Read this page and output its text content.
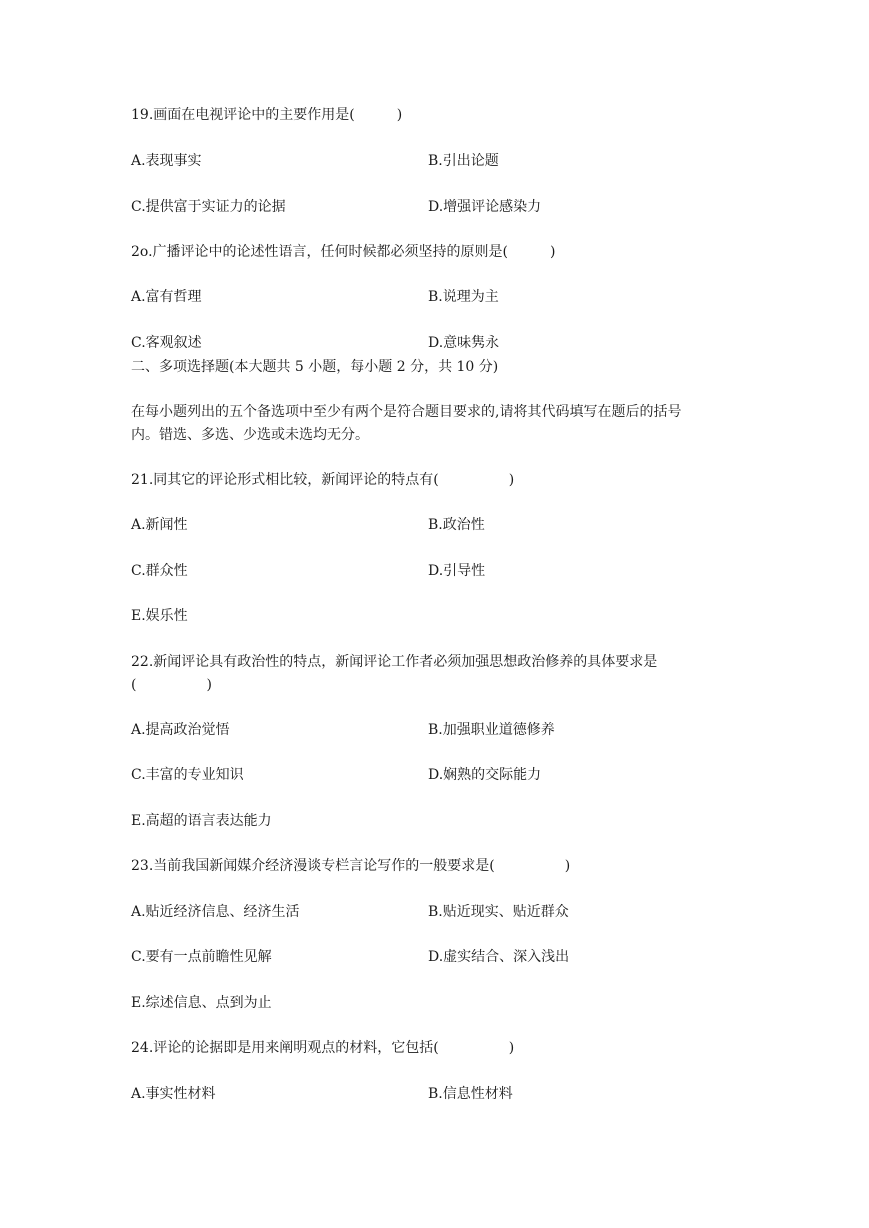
19.画面在电视评论中的主要作用是(　　　)
A.表现事实	B.引出论题
C.提供富于实证力的论据	D.增强评论感染力
2o.广播评论中的论述性语言，任何时候都必须坚持的原则是(　　　)
A.富有哲理	B.说理为主
C.客观叙述	D.意味隽永
二、多项选择题(本大题共 5 小题，每小题 2 分，共 10 分)
在每小题列出的五个备选项中至少有两个是符合题目要求的,请将其代码填写在题后的括号
内。错选、多选、少选或未选均无分。
21.同其它的评论形式相比较，新闻评论的特点有(　　　　　)
A.新闻性	B.政治性
C.群众性	D.引导性
E.娱乐性
22.新闻评论具有政治性的特点，新闻评论工作者必须加强思想政治修养的具体要求是
(　　　　　)
A.提高政治觉悟	B.加强职业道德修养
C.丰富的专业知识	D.娴熟的交际能力
E.高超的语言表达能力
23.当前我国新闻媒介经济漫谈专栏言论写作的一般要求是(　　　　　)
A.贴近经济信息、经济生活	B.贴近现实、贴近群众
C.要有一点前瞻性见解	D.虚实结合、深入浅出
E.综述信息、点到为止
24.评论的论据即是用来阐明观点的材料，它包括(　　　　　)
A.事实性材料	B.信息性材料
